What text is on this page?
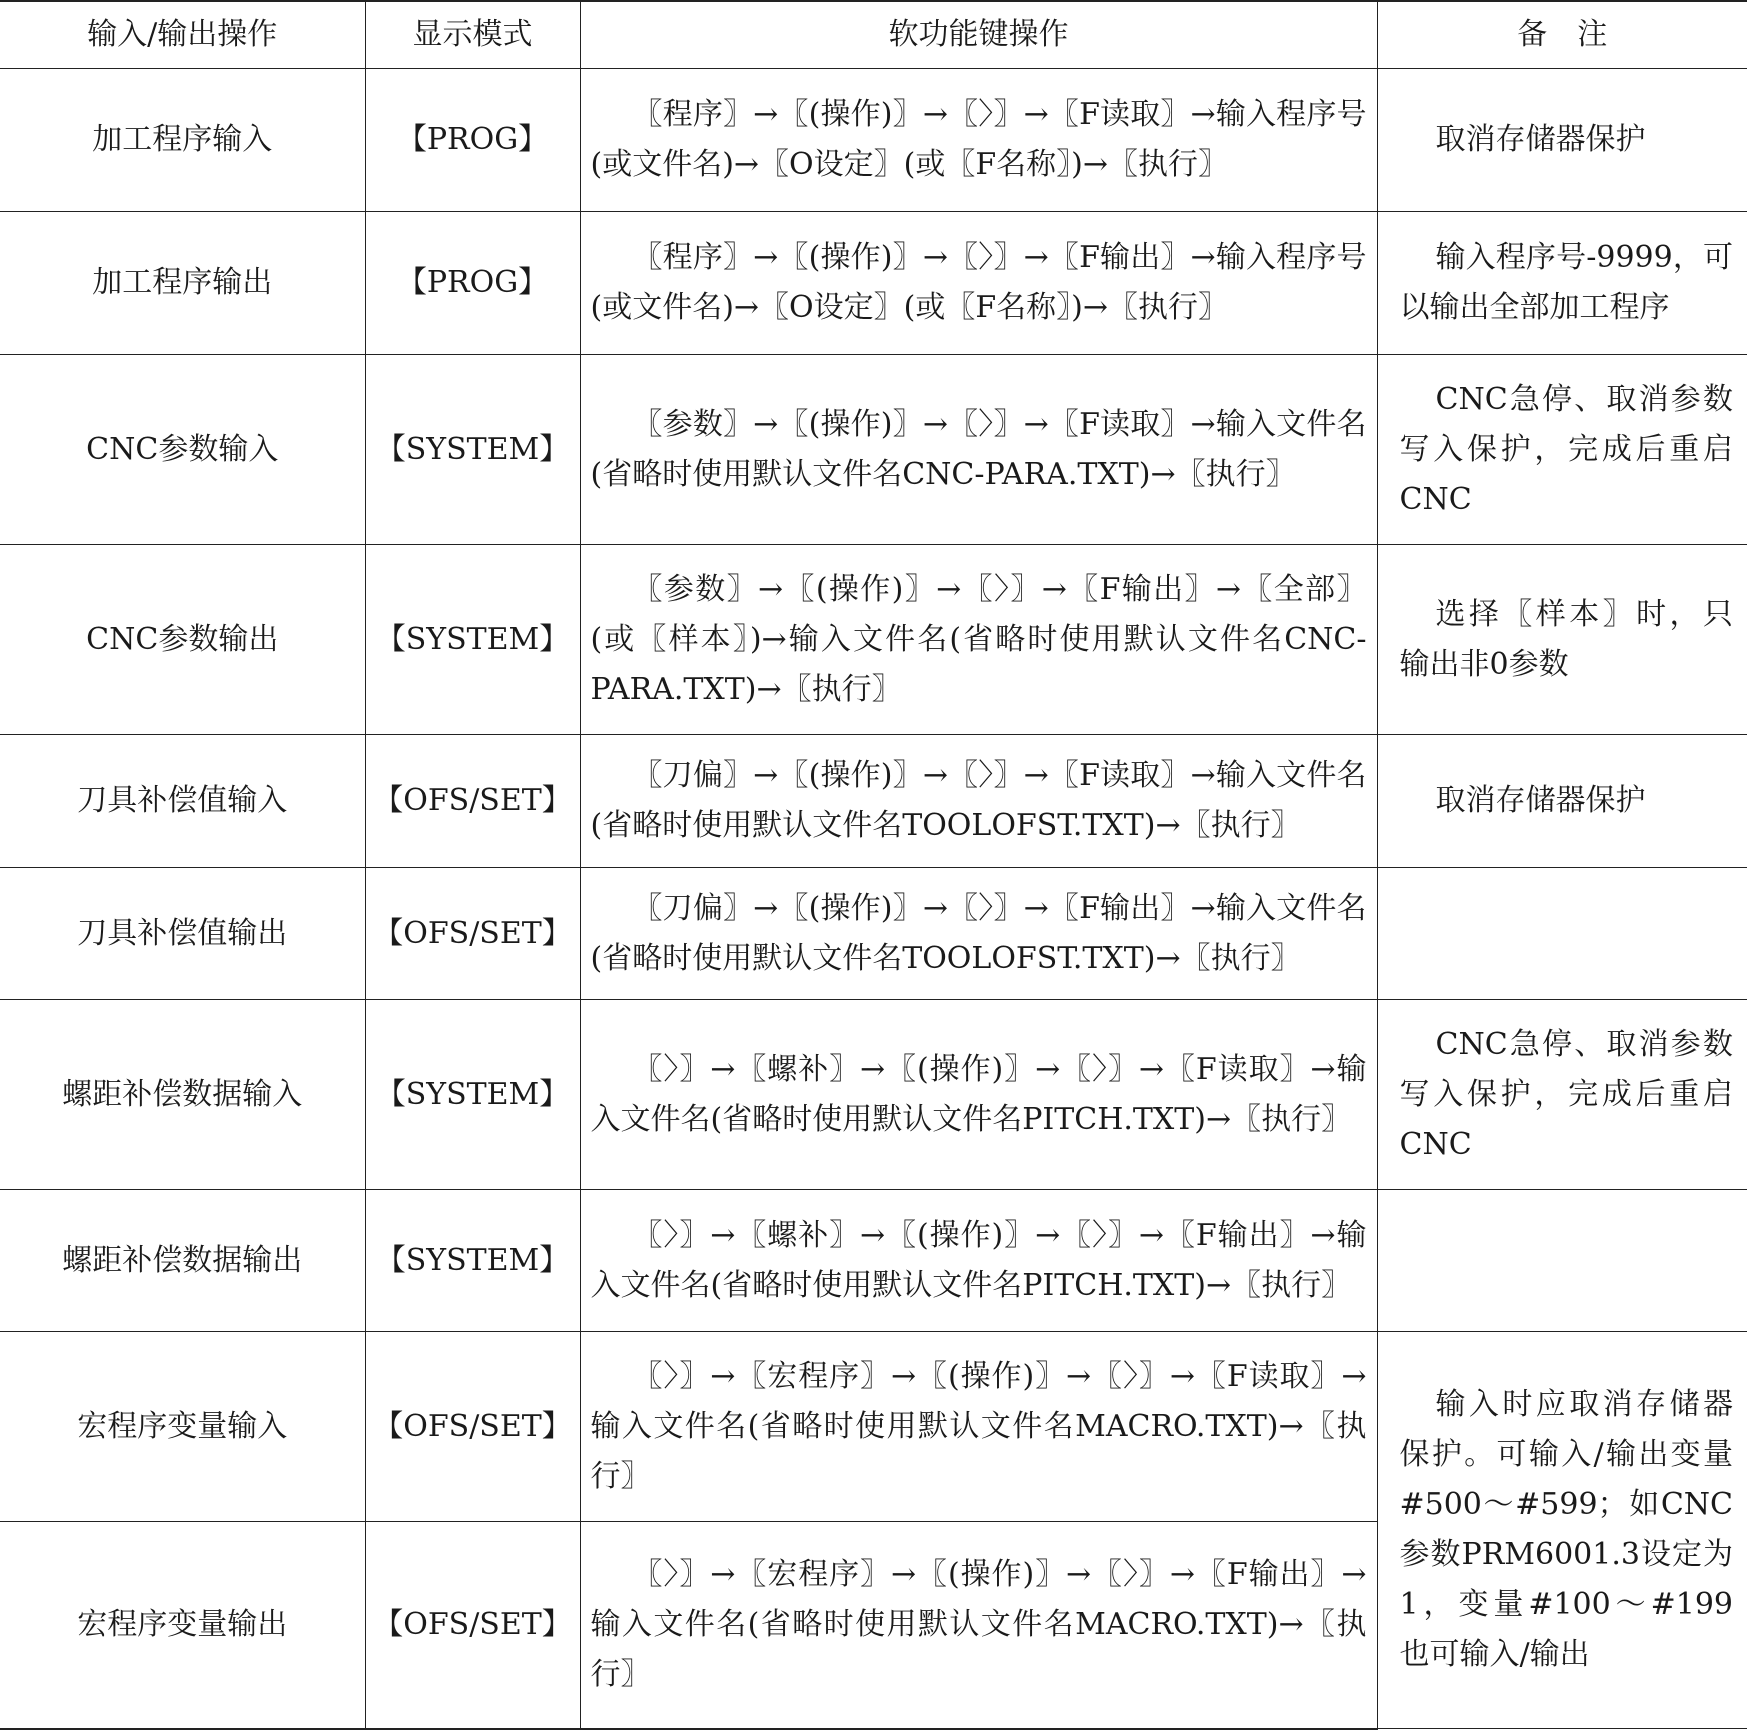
输入/输出操作	显示模式	软功能键操作	备　注
加工程序输入	【PROG】	〖程序〗→〖(操作)〗→〖〉〗→〖F读取〗→输入程序号(或文件名)→〖O设定〗(或〖F名称〗)→〖执行〗	取消存储器保护

加工程序输出	【PROG】	〖程序〗→〖(操作)〗→〖〉〗→〖F输出〗→输入程序号(或文件名)→〖O设定〗(或〖F名称〗)→〖执行〗	输入程序号-9999，可以输出全部加工程序

CNC参数输入	【SYSTEM】	〖参数〗→〖(操作)〗→〖〉〗→〖F读取〗→输入文件名(省略时使用默认文件名CNC-PARA.TXT)→〖执行〗	CNC急停、取消参数写入保护，完成后重启CNC

CNC参数输出	【SYSTEM】	〖参数〗→〖(操作)〗→〖〉〗→〖F输出〗→〖全部〗(或〖样本〗)→输入文件名(省略时使用默认文件名CNC-PARA.TXT)→〖执行〗	选择〖样本〗时，只输出非0参数

刀具补偿值输入	【OFS/SET】	〖刀偏〗→〖(操作)〗→〖〉〗→〖F读取〗→输入文件名(省略时使用默认文件名TOOLOFST.TXT)→〖执行〗	取消存储器保护

刀具补偿值输出	【OFS/SET】	〖刀偏〗→〖(操作)〗→〖〉〗→〖F输出〗→输入文件名(省略时使用默认文件名TOOLOFST.TXT)→〖执行〗	

螺距补偿数据输入	【SYSTEM】	〖〉〗→〖螺补〗→〖(操作)〗→〖〉〗→〖F读取〗→输入文件名(省略时使用默认文件名PITCH.TXT)→〖执行〗	CNC急停、取消参数写入保护，完成后重启CNC

螺距补偿数据输出	【SYSTEM】	〖〉〗→〖螺补〗→〖(操作)〗→〖〉〗→〖F输出〗→输入文件名(省略时使用默认文件名PITCH.TXT)→〖执行〗	

宏程序变量输入	【OFS/SET】	〖〉〗→〖宏程序〗→〖(操作)〗→〖〉〗→〖F读取〗→输入文件名(省略时使用默认文件名MACRO.TXT)→〖执行〗	输入时应取消存储器保护。可输入/输出变量#500～#599；如CNC参数PRM6001.3设定为1，变量#100～#199也可输入/输出

宏程序变量输出	【OFS/SET】	〖〉〗→〖宏程序〗→〖(操作)〗→〖〉〗→〖F输出〗→输入文件名(省略时使用默认文件名MACRO.TXT)→〖执行〗	
